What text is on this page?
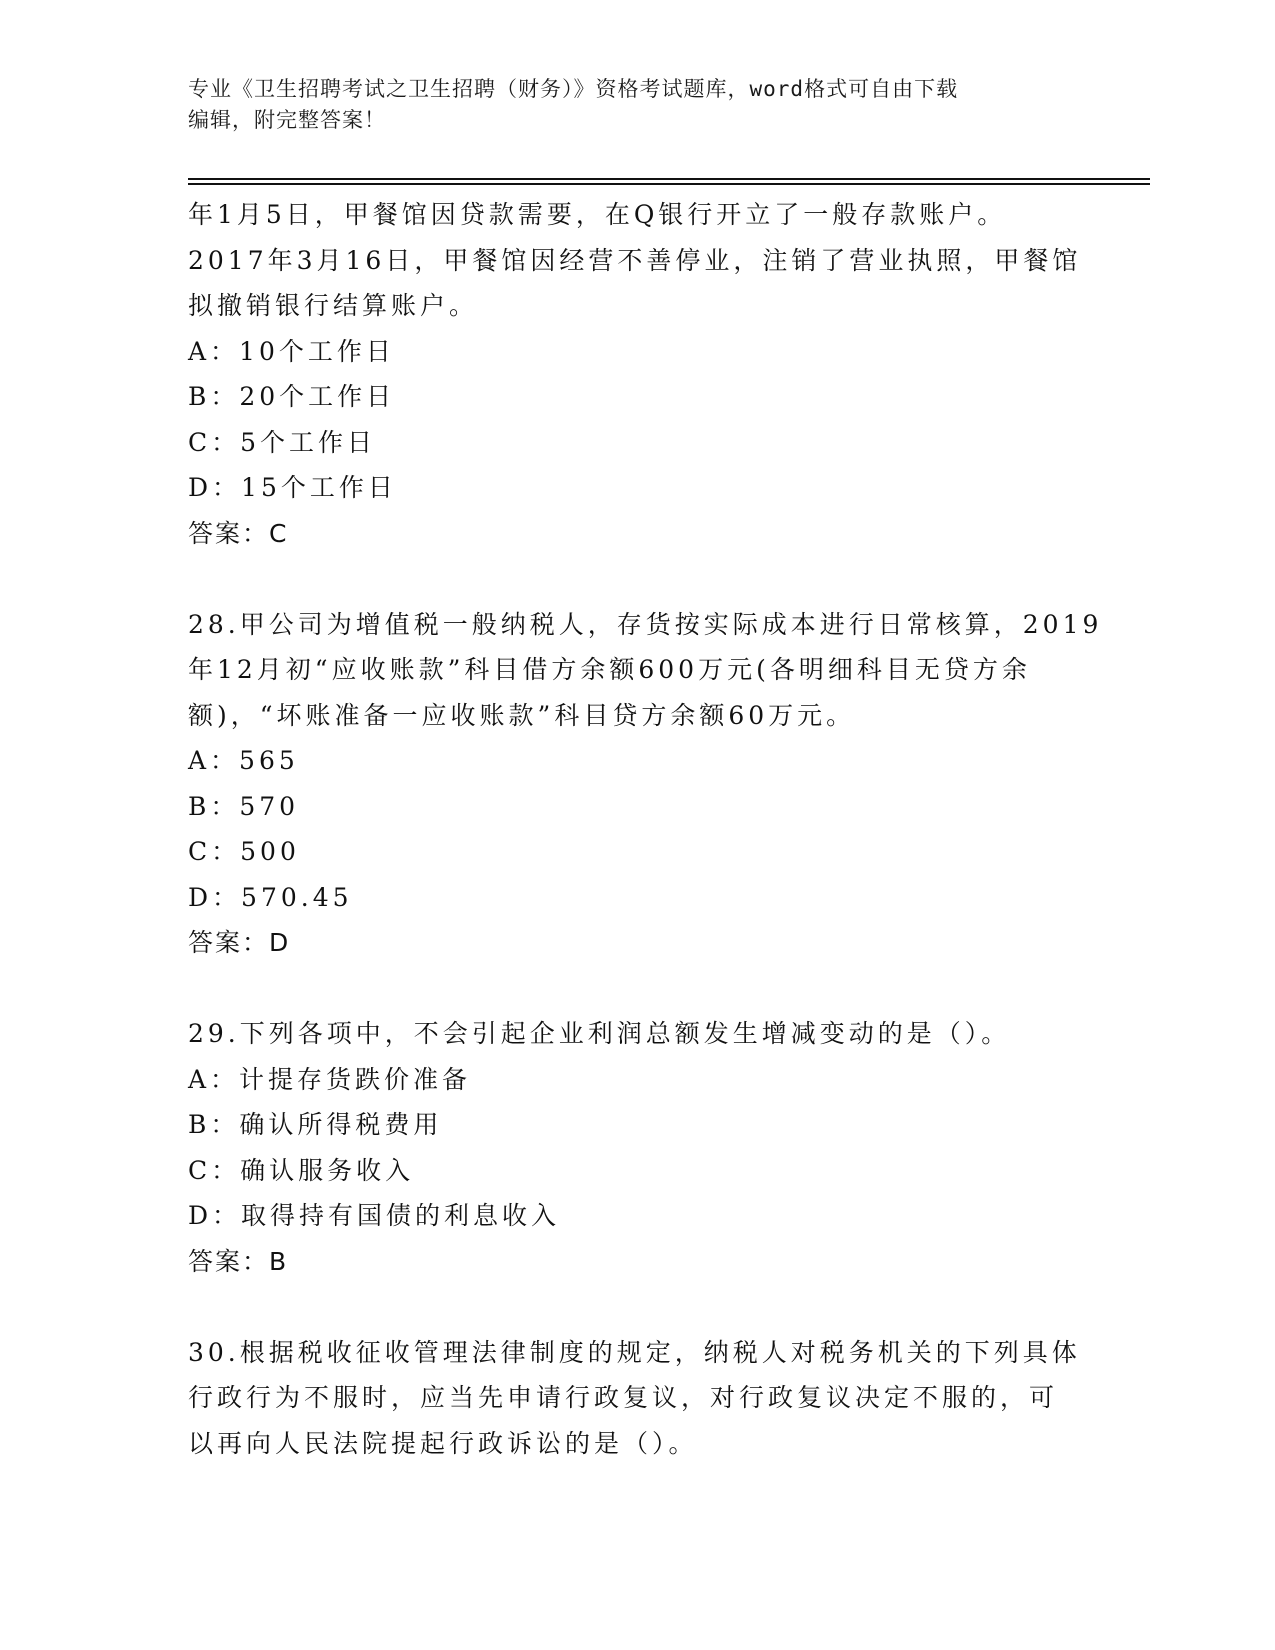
专业《卫生招聘考试之卫生招聘（财务）》资格考试题库，word格式可自由下载
编辑，附完整答案！
年1月5日，甲餐馆因贷款需要，在Q银行开立了一般存款账户。
2017年3月16日，甲餐馆因经营不善停业，注销了营业执照，甲餐馆
拟撤销银行结算账户。
A：10个工作日
B：20个工作日
C：5个工作日
D：15个工作日
答案：C
28.甲公司为增值税一般纳税人，存货按实际成本进行日常核算，2019
年12月初“应收账款”科目借方余额600万元(各明细科目无贷方余
额)，“坏账准备一应收账款”科目贷方余额60万元。
A：565
B：570
C：500
D：570.45
答案：D
29.下列各项中，不会引起企业利润总额发生增减变动的是（）。
A：计提存货跌价准备
B：确认所得税费用
C：确认服务收入
D：取得持有国债的利息收入
答案：B
30.根据税收征收管理法律制度的规定，纳税人对税务机关的下列具体
行政行为不服时，应当先申请行政复议，对行政复议决定不服的，可
以再向人民法院提起行政诉讼的是（）。
